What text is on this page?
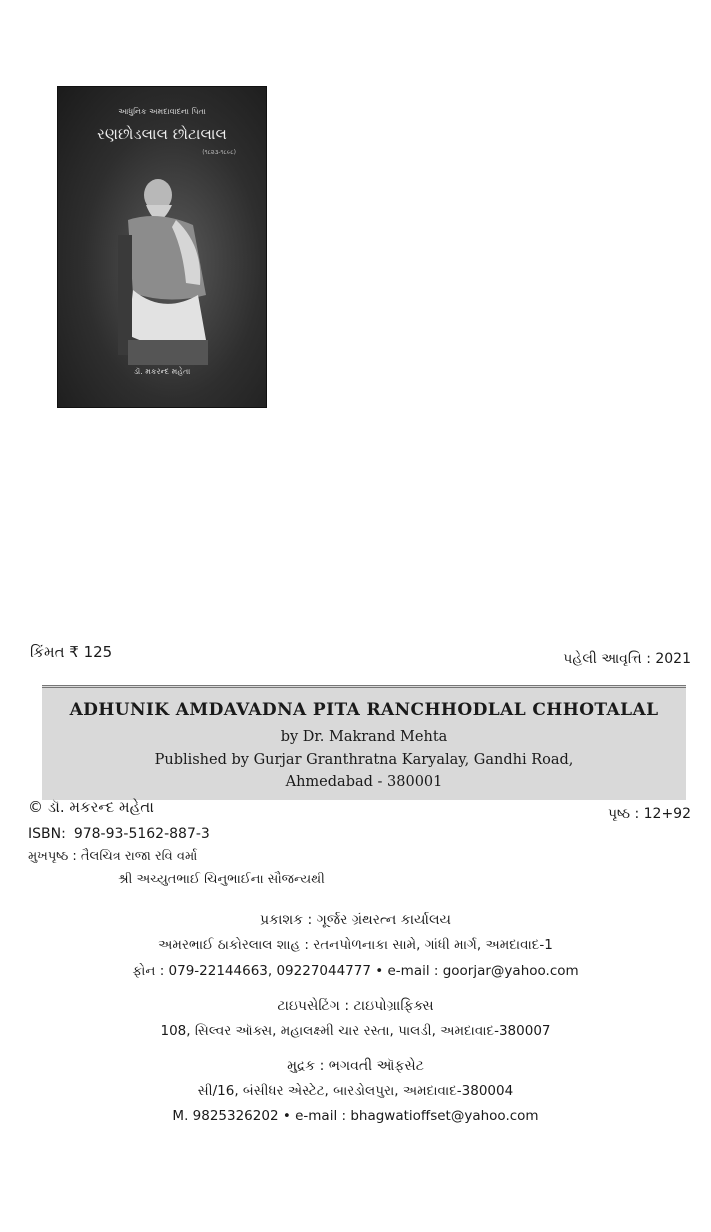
આધુનિક અમદાવાદના પિતા
રણછોડલાલ છોટાલાલ
(૧૮૨૩-૧૮૯૮)
ડૉ. મકરન્દ મહેતા
કિંમત ₹ 125	પહેલી આવૃત્તિ : 2021
ADHUNIK AMDAVADNA PITA RANCHHODLAL CHHOTALAL
by Dr. Makrand Mehta
Published by Gurjar Granthratna Karyalay, Gandhi Road,
Ahmedabad - 380001
© ડૉ. મકરન્દ મહેતા	પૃષ્ઠ : 12+92
ISBN: 978-93-5162-887-3
મુખપૃષ્ઠ : તૈલચિત્ર રાજા રવિ વર્મા
શ્રી અચ્યુતભાઈ ચિનુભાઈના સૌજન્યથી
પ્રકાશક : ગૂર્જર ગ્રંથરત્ન કાર્યાલય
અમરભાઈ ઠાકોરલાલ શાહ : રતનપોળનાકા સામે, ગાંધી માર્ગ, અમદાવાદ-1
ફોન : 079-22144663, 09227044777 • e-mail : goorjar@yahoo.com
ટાઇપસેટિંગ : ટાઇપોગ્રાફિક્સ
108, સિલ્વર ઑક્સ, મહાલક્ષ્મી ચાર રસ્તા, પાલડી, અમદાવાદ-380007
મુદ્રક : ભગવતી ઑફસેટ
સી/16, બંસીધર એસ્ટેટ, બારડોલપુરા, અમદાવાદ-380004
M. 9825326202 • e-mail : bhagwatioffset@yahoo.com
